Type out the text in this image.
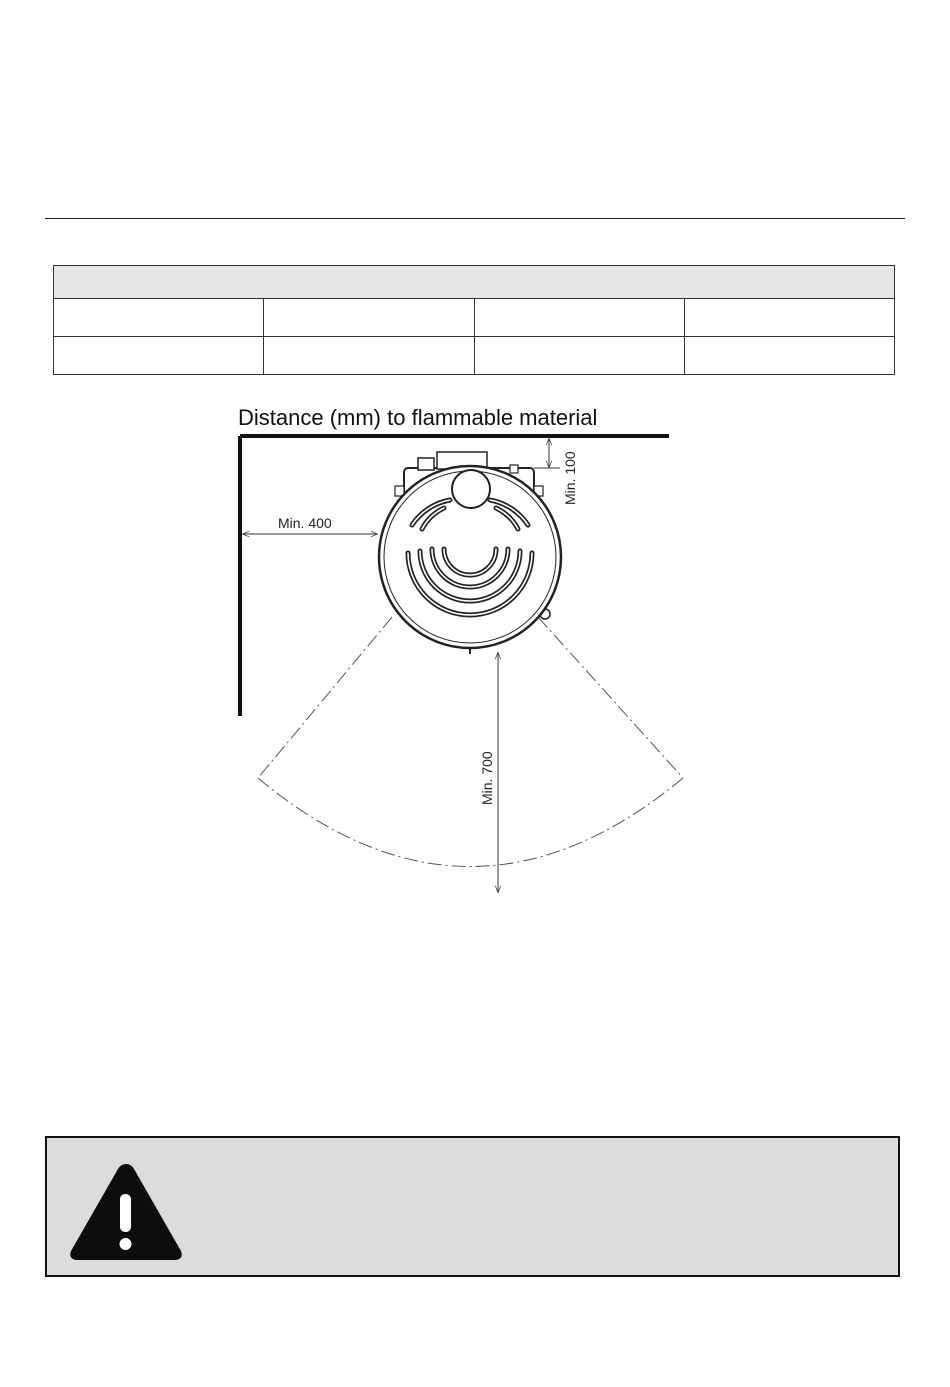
Distance (mm) to flammable material
Min. 400
Min. 100
Min. 700
